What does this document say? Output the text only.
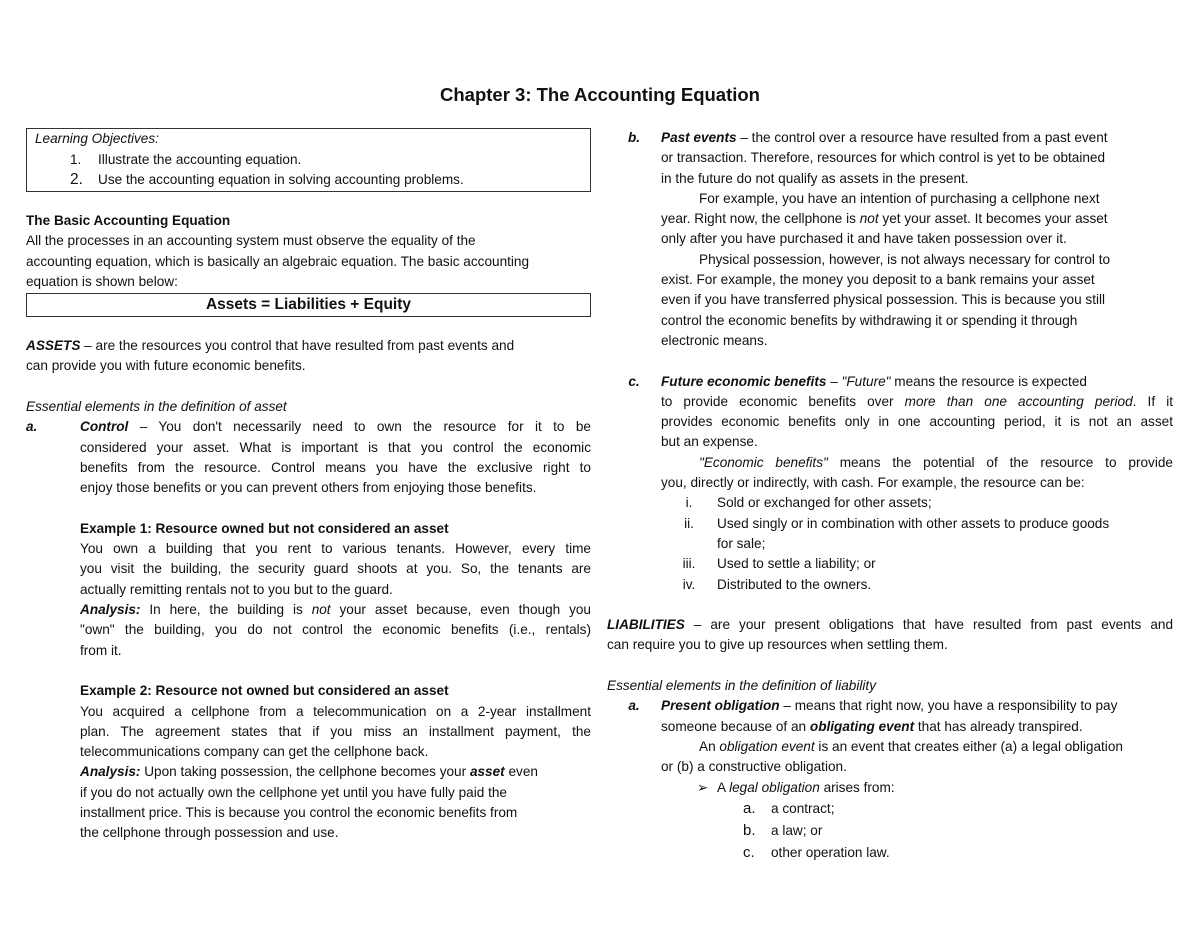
Chapter 3: The Accounting Equation
Learning Objectives:
1. Illustrate the accounting equation.
2. Use the accounting equation in solving accounting problems.
The Basic Accounting Equation
All the processes in an accounting system must observe the equality of the
accounting equation, which is basically an algebraic equation. The basic accounting
equation is shown below:
Assets = Liabilities + Equity
ASSETS – are the resources you control that have resulted from past events and
can provide you with future economic benefits.
Essential elements in the definition of asset
a.	Control – You don't necessarily need to own the resource for it to be
considered your asset. What is important is that you control the economic
benefits from the resource. Control means you have the exclusive right to
enjoy those benefits or you can prevent others from enjoying those benefits.
Example 1: Resource owned but not considered an asset
You own a building that you rent to various tenants. However, every time
you visit the building, the security guard shoots at you. So, the tenants are
actually remitting rentals not to you but to the guard.
Analysis: In here, the building is not your asset because, even though you
"own" the building, you do not control the economic benefits (i.e., rentals)
from it.
Example 2: Resource not owned but considered an asset
You acquired a cellphone from a telecommunication on a 2-year installment
plan. The agreement states that if you miss an installment payment, the
telecommunications company can get the cellphone back.
Analysis: Upon taking possession, the cellphone becomes your asset even
if you do not actually own the cellphone yet until you have fully paid the
installment price. This is because you control the economic benefits from
the cellphone through possession and use.
b. Past events – the control over a resource have resulted from a past event
or transaction. Therefore, resources for which control is yet to be obtained
in the future do not qualify as assets in the present.
For example, you have an intention of purchasing a cellphone next
year. Right now, the cellphone is not yet your asset. It becomes your asset
only after you have purchased it and have taken possession over it.
Physical possession, however, is not always necessary for control to
exist. For example, the money you deposit to a bank remains your asset
even if you have transferred physical possession. This is because you still
control the economic benefits by withdrawing it or spending it through
electronic means.
c. Future economic benefits – "Future" means the resource is expected
to provide economic benefits over more than one accounting period. If it
provides economic benefits only in one accounting period, it is not an asset
but an expense.
"Economic benefits" means the potential of the resource to provide
you, directly or indirectly, with cash. For example, the resource can be:
i. Sold or exchanged for other assets;
ii. Used singly or in combination with other assets to produce goods
for sale;
iii. Used to settle a liability; or
iv. Distributed to the owners.
LIABILITIES – are your present obligations that have resulted from past events and
can require you to give up resources when settling them.
Essential elements in the definition of liability
a. Present obligation – means that right now, you have a responsibility to pay
someone because of an obligating event that has already transpired.
An obligation event is an event that creates either (a) a legal obligation
or (b) a constructive obligation.
➢ A legal obligation arises from:
a. a contract;
b. a law; or
c. other operation law.
